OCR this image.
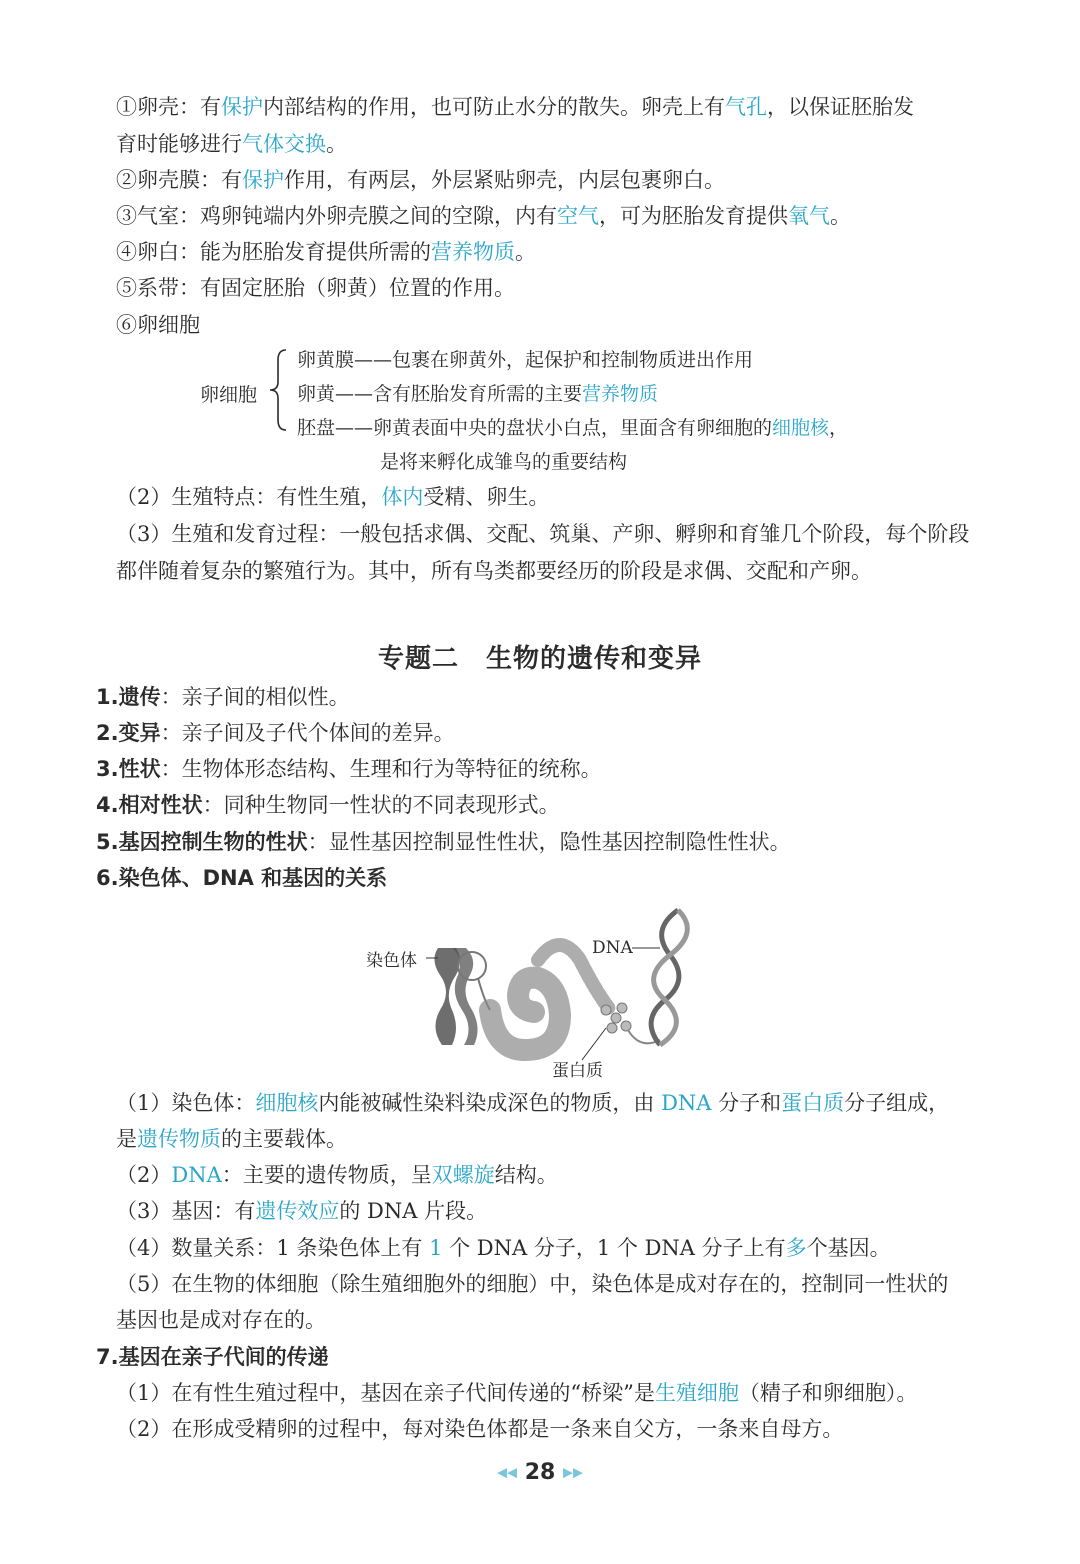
①卵壳：有保护内部结构的作用，也可防止水分的散失。卵壳上有气孔，以保证胚胎发
育时能够进行气体交换。
②卵壳膜：有保护作用，有两层，外层紧贴卵壳，内层包裹卵白。
③气室：鸡卵钝端内外卵壳膜之间的空隙，内有空气，可为胚胎发育提供氧气。
④卵白：能为胚胎发育提供所需的营养物质。
⑤系带：有固定胚胎（卵黄）位置的作用。
⑥卵细胞
卵细胞
卵黄膜——包裹在卵黄外，起保护和控制物质进出作用
卵黄——含有胚胎发育所需的主要营养物质
胚盘——卵黄表面中央的盘状小白点，里面含有卵细胞的细胞核，
是将来孵化成雏鸟的重要结构
（2）生殖特点：有性生殖，体内受精、卵生。
（3）生殖和发育过程：一般包括求偶、交配、筑巢、产卵、孵卵和育雏几个阶段，每个阶段
都伴随着复杂的繁殖行为。其中，所有鸟类都要经历的阶段是求偶、交配和产卵。
专题二　生物的遗传和变异
1.遗传：亲子间的相似性。
2.变异：亲子间及子代个体间的差异。
3.性状：生物体形态结构、生理和行为等特征的统称。
4.相对性状：同种生物同一性状的不同表现形式。
5.基因控制生物的性状：显性基因控制显性性状，隐性基因控制隐性性状。
6.染色体、DNA 和基因的关系
染色体
DNA
蛋白质
（1）染色体：细胞核内能被碱性染料染成深色的物质，由 DNA 分子和蛋白质分子组成，
是遗传物质的主要载体。
（2）DNA：主要的遗传物质，呈双螺旋结构。
（3）基因：有遗传效应的 DNA 片段。
（4）数量关系：1 条染色体上有 1 个 DNA 分子，1 个 DNA 分子上有多个基因。
（5）在生物的体细胞（除生殖细胞外的细胞）中，染色体是成对存在的，控制同一性状的
基因也是成对存在的。
7.基因在亲子代间的传递
（1）在有性生殖过程中，基因在亲子代间传递的“桥梁”是生殖细胞（精子和卵细胞）。
（2）在形成受精卵的过程中，每对染色体都是一条来自父方，一条来自母方。
◀◀ 28 ▶▶
